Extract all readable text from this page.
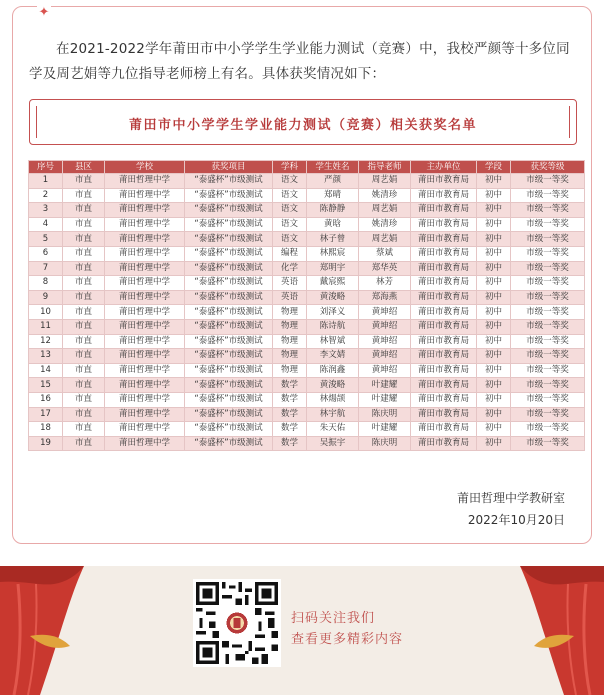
✦

在2021-2022学年莆田市中小学学生学业能力测试（竞赛）中，我校严颜等十多位同学及周艺娟等九位指导老师榜上有名。具体获奖情况如下：

莆田市中小学学生学业能力测试（竞赛）相关获奖名单
莆田哲理中学教研室
2022年10月20日
序号	县区	学校	获奖项目	学科	学生姓名	指导老师	主办单位	学段	获奖等级
1	市直	莆田哲理中学	“泰盛杯”市级测试	语文	严颜	周艺娟	莆田市教育局	初中	市级一等奖
2	市直	莆田哲理中学	“泰盛杯”市级测试	语文	郑晴	姚清珍	莆田市教育局	初中	市级一等奖
3	市直	莆田哲理中学	“泰盛杯”市级测试	语文	陈静静	周艺娟	莆田市教育局	初中	市级一等奖
4	市直	莆田哲理中学	“泰盛杯”市级测试	语文	黄晗	姚清珍	莆田市教育局	初中	市级一等奖
5	市直	莆田哲理中学	“泰盛杯”市级测试	语文	林子曾	周艺娟	莆田市教育局	初中	市级一等奖
6	市直	莆田哲理中学	“泰盛杯”市级测试	编程	林熙宸	蔡斌	莆田市教育局	初中	市级一等奖
7	市直	莆田哲理中学	“泰盛杯”市级测试	化学	郑明宇	郑华英	莆田市教育局	初中	市级一等奖
8	市直	莆田哲理中学	“泰盛杯”市级测试	英语	戴宸熙	林芳	莆田市教育局	初中	市级一等奖
9	市直	莆田哲理中学	“泰盛杯”市级测试	英语	黄浚略	郑海燕	莆田市教育局	初中	市级一等奖
10	市直	莆田哲理中学	“泰盛杯”市级测试	物理	刘泽义	黄坤绍	莆田市教育局	初中	市级一等奖
11	市直	莆田哲理中学	“泰盛杯”市级测试	物理	陈诗航	黄坤绍	莆田市教育局	初中	市级一等奖
12	市直	莆田哲理中学	“泰盛杯”市级测试	物理	林智斌	黄坤绍	莆田市教育局	初中	市级一等奖
13	市直	莆田哲理中学	“泰盛杯”市级测试	物理	李文婧	黄坤绍	莆田市教育局	初中	市级一等奖
14	市直	莆田哲理中学	“泰盛杯”市级测试	物理	陈润鑫	黄坤绍	莆田市教育局	初中	市级一等奖
15	市直	莆田哲理中学	“泰盛杯”市级测试	数学	黄浚略	叶建耀	莆田市教育局	初中	市级一等奖
16	市直	莆田哲理中学	“泰盛杯”市级测试	数学	林煬颉	叶建耀	莆田市教育局	初中	市级一等奖
17	市直	莆田哲理中学	“泰盛杯”市级测试	数学	林宇航	陈庆明	莆田市教育局	初中	市级一等奖
18	市直	莆田哲理中学	“泰盛杯”市级测试	数学	朱天佑	叶建耀	莆田市教育局	初中	市级一等奖
19	市直	莆田哲理中学	“泰盛杯”市级测试	数学	吴振宇	陈庆明	莆田市教育局	初中	市级一等奖
扫码关注我们
查看更多精彩内容
